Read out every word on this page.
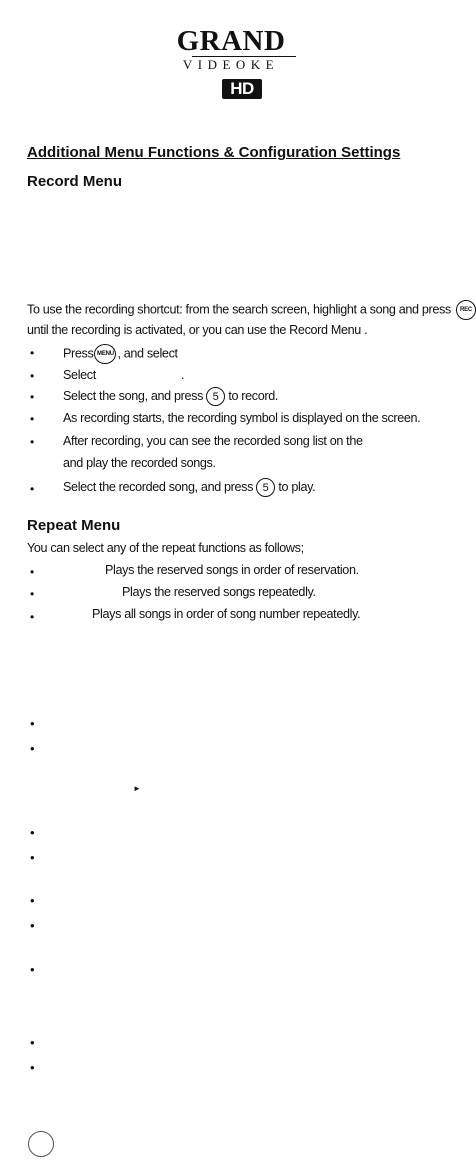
GRAND
VIDEOKE
HD
Additional Menu Functions & Configuration Settings
Record Menu
To use the recording shortcut: from the search screen, highlight a song and press REC
until the recording is activated, or you can use the Record Menu .
• Press MENU , and select
• Select	.
• Select the song, and press 5 to record.
• As recording starts, the recording symbol is displayed on the screen.
• After recording, you can see the recorded song list on the
and play the recorded songs.
• Select the recorded song, and press 5 to play.
Repeat Menu
You can select any of the repeat functions as follows;
•	Plays the reserved songs in order of reservation.
•	Plays the reserved songs repeatedly.
•	Plays all songs in order of song number repeatedly.
•
•
►
•
•
•
•
•
•
•
